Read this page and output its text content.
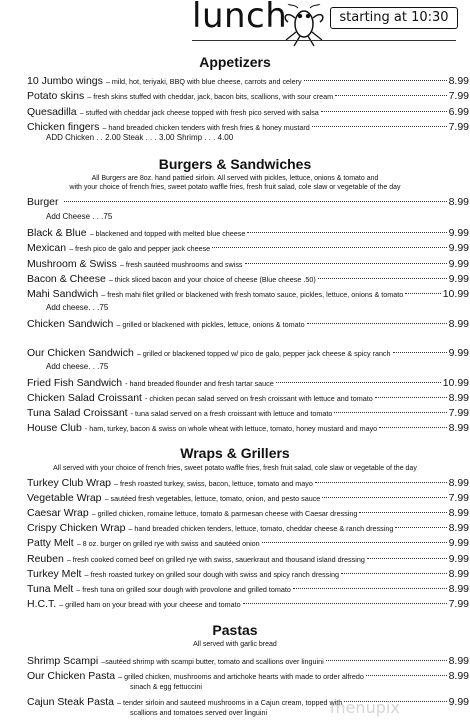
lunch	starting at 10:30
Appetizers
10 Jumbo wings – mild, hot, teriyaki, BBQ with blue cheese, carrots and celery	8.99
Potato skins – fresh skins stuffed with cheddar, jack, bacon bits, scallions, with sour cream	7.99
Quesadilla – stuffed with cheddar jack cheese topped with fresh pico served with salsa	6.99
Chicken fingers – hand breaded chicken tenders with fresh fries & honey mustard	7.99
ADD Chicken . . 2.00 Steak . . . 3.00 Shrimp . . . 4.00
Burgers & Sandwiches
All Burgers are 8oz. hand pattied sirloin. All served with pickles, lettuce, onions & tomato and
with your choice of french fries, sweet potato waffle fries, fresh fruit salad, cole slaw or vegetable of the day
Burger	8.99
Black & Blue – blackened and topped with melted blue cheese	9.99
Mexican – fresh pico de galo and pepper jack cheese	9.99
Mushroom & Swiss – fresh sautéed mushrooms and swiss	9.99
Bacon & Cheese – thick sliced bacon and your choice of cheese (Blue cheese .50)	9.99
Mahi Sandwich – fresh mahi filet grilled or blackened with fresh tomato sauce, pickles, lettuce, onions & tomato	10.99
Chicken Sandwich – grilled or blackened with pickles, lettuce, onions & tomato	8.99
Our Chicken Sandwich – grilled or blackened topped w/ pico de galo, pepper jack cheese & spicy ranch	9.99
Fried Fish Sandwich - hand breaded flounder and fresh tartar sauce	10.99
Chicken Salad Croissant - chicken pecan salad served on fresh croissant with lettuce and tomato	8.99
Tuna Salad Croissant - tuna salad served on a fresh croissant with lettuce and tomato	7.99
House Club - ham, turkey, bacon & swiss on whole wheat with lettuce, tomato, honey mustard and mayo	8.99
Add Cheese . . .75
Add cheese. . .75
Add cheese. . .75
Wraps & Grillers
All served with your choice of french fries, sweet potato waffle fries, fresh fruit salad, cole slaw or vegetable of the day
Turkey Club Wrap – fresh roasted turkey, swiss, bacon, lettuce, tomato and mayo	8.99
Vegetable Wrap – sautéed fresh vegetables, lettuce, tomato, onion, and pesto sauce	7.99
Caesar Wrap – grilled chicken, romaine lettuce, tomato & parmesan cheese with Caesar dressing	8.99
Crispy Chicken Wrap – hand breaded chicken tenders, lettuce, tomato, cheddar cheese & ranch dressing	8.99
Patty Melt – 8 oz. burger on grilled rye with swiss and sautéed onion	9.99
Reuben – fresh cooked corned beef on grilled rye with swiss, sauerkraut and thousand island dressing	9.99
Turkey Melt – fresh roasted turkey on grilled sour dough with swiss and spicy ranch dressing	8.99
Tuna Melt – fresh tuna on grilled sour dough with provolone and grilled tomato	8.99
H.C.T. – grilled ham on your bread with your cheese and tomato	7.99
Pastas
All served with garlic bread
Shrimp Scampi –sautéed shrimp with scampi butter, tomato and scallions over linguini	8.99
Our Chicken Pasta – grilled chicken, mushrooms and artichoke hearts with made to order alfredo	8.99
Cajun Steak Pasta – tender sirloin and sauteed mushrooms in a Cajun cream, topped with	9.99
sinach & egg fettuccini
scallions and tomatoes served over linguini	menupix
